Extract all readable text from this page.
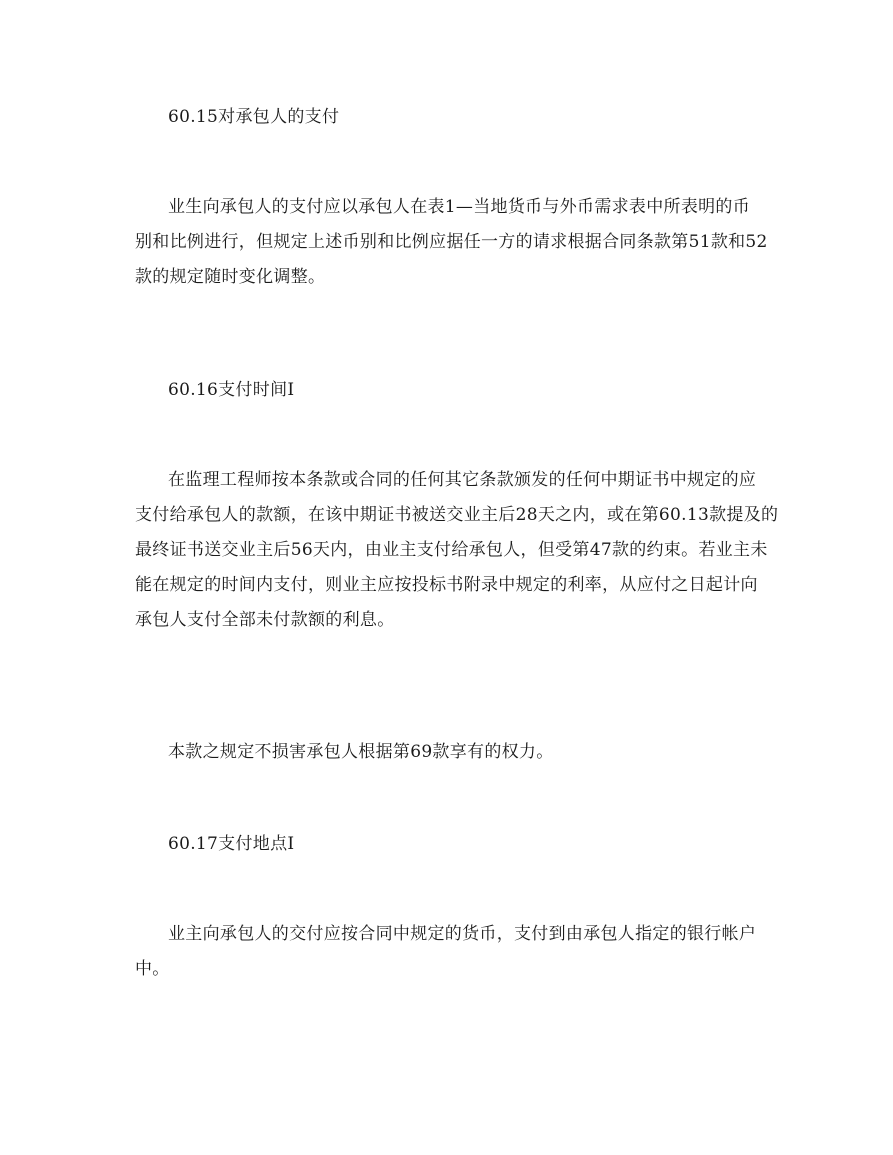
60.15对承包人的支付
业生向承包人的支付应以承包人在表1—当地货币与外币需求表中所表明的币
别和比例进行，但规定上述币别和比例应据任一方的请求根据合同条款第51款和52
款的规定随时变化调整。
60.16支付时间I
在监理工程师按本条款或合同的任何其它条款颁发的任何中期证书中规定的应
支付给承包人的款额，在该中期证书被送交业主后28天之内，或在第60.13款提及的
最终证书送交业主后56天内，由业主支付给承包人，但受第47款的约束。若业主未
能在规定的时间内支付，则业主应按投标书附录中规定的利率，从应付之日起计向
承包人支付全部未付款额的利息。
本款之规定不损害承包人根据第69款享有的权力。
60.17支付地点I
业主向承包人的交付应按合同中规定的货币，支付到由承包人指定的银行帐户
中。
